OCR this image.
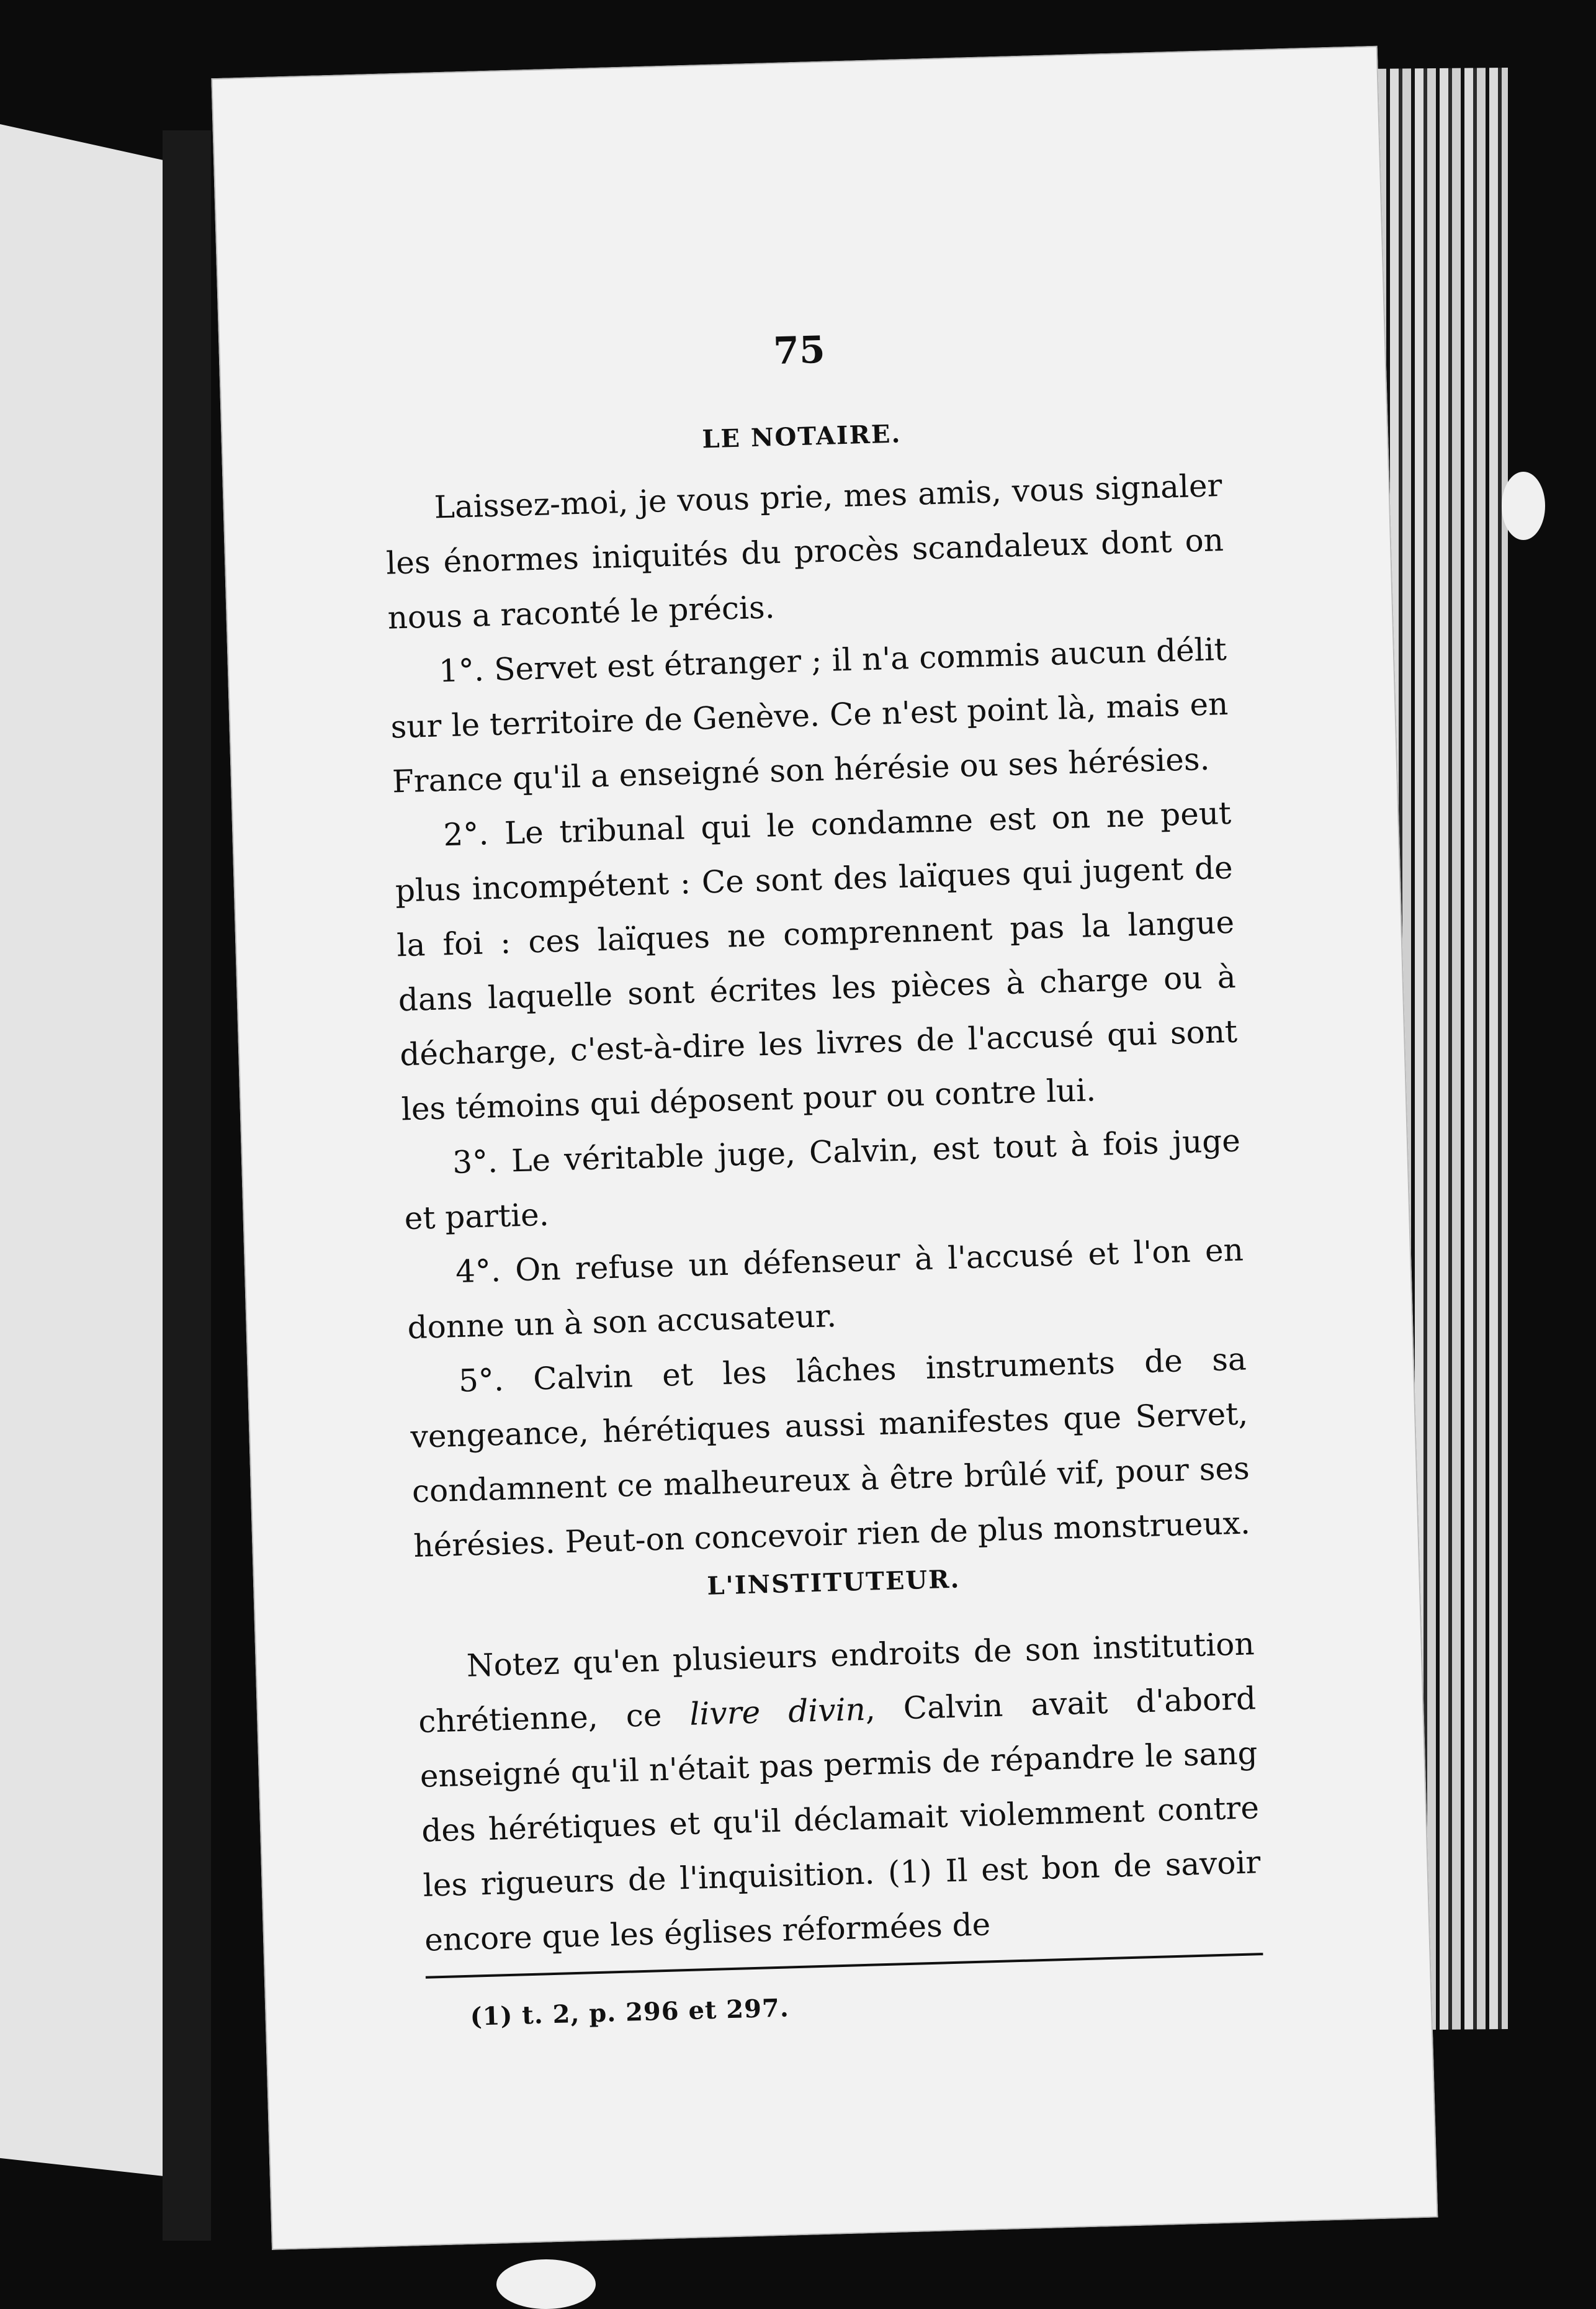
75

LE NOTAIRE.

Laissez-moi, je vous prie, mes amis, vous signaler les énormes iniquités du procès scandaleux dont on nous a raconté le précis.

1°. Servet est étranger ; il n'a commis aucun délit sur le territoire de Genève. Ce n'est point là, mais en France qu'il a enseigné son hérésie ou ses hérésies.

2°. Le tribunal qui le condamne est on ne peut plus incompétent : Ce sont des laïques qui jugent de la foi : ces laïques ne comprennent pas la langue dans laquelle sont écrites les pièces à charge ou à décharge, c'est-à-dire les livres de l'accusé qui sont les témoins qui déposent pour ou contre lui.

3°. Le véritable juge, Calvin, est tout à fois juge et partie.

4°. On refuse un défenseur à l'accusé et l'on en donne un à son accusateur.

5°. Calvin et les lâches instruments de sa vengeance, hérétiques aussi manifestes que Servet, condamnent ce malheureux à être brûlé vif, pour ses hérésies. Peut-on concevoir rien de plus monstrueux.

L'INSTITUTEUR.

Notez qu'en plusieurs endroits de son institution chrétienne, ce livre divin, Calvin avait d'abord enseigné qu'il n'était pas permis de répandre le sang des hérétiques et qu'il déclamait violemment contre les rigueurs de l'inquisition. (1) Il est bon de savoir encore que les églises réformées de

(1) t. 2, p. 296 et 297.
